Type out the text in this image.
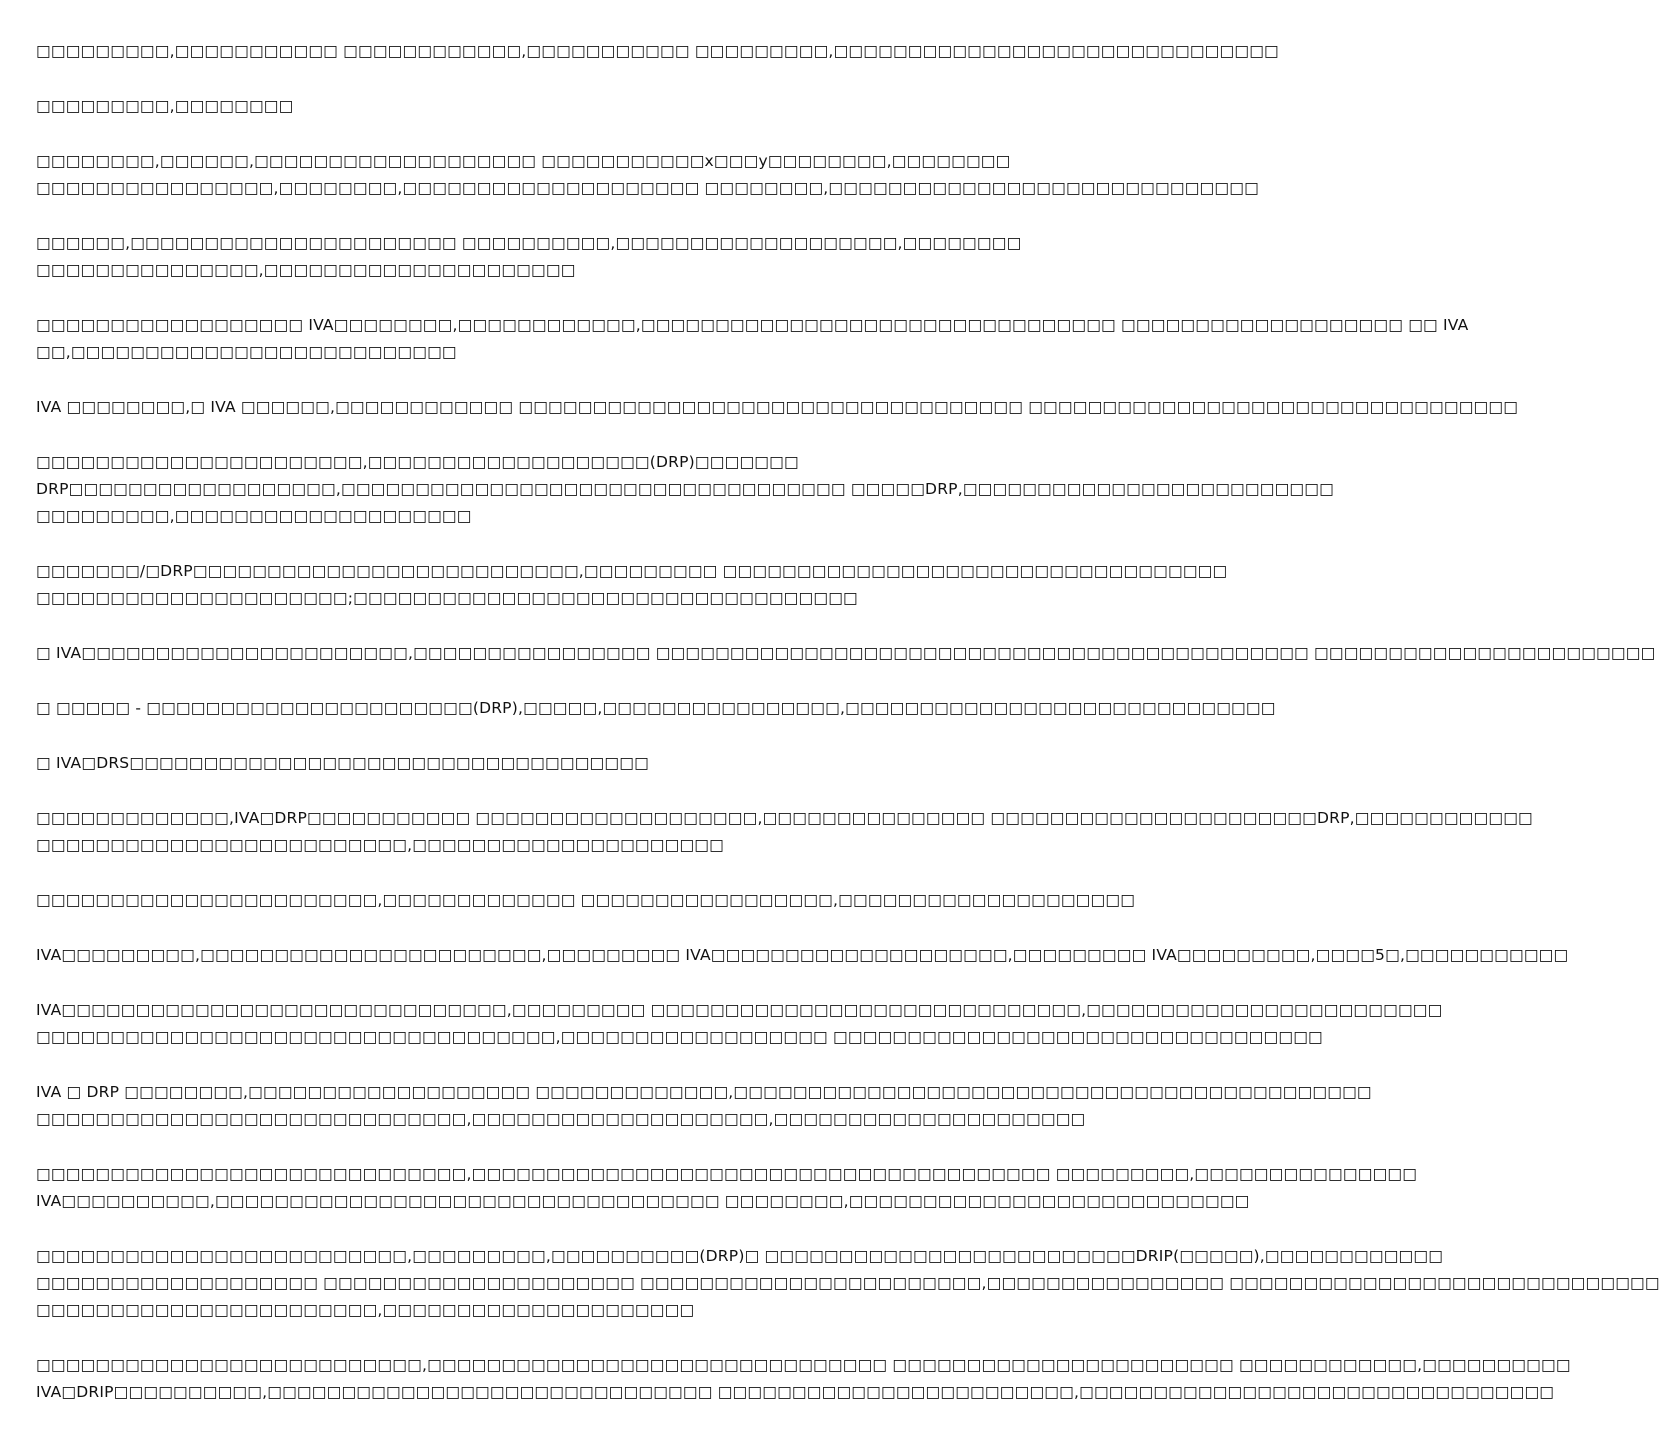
□□□□□□□□□,□□□□□□□□□□□ □□□□□□□□□□□□,□□□□□□□□□□□ □□□□□□□□□,□□□□□□□□□□□□□□□□□□□□□□□□□□□□□□
□□□□□□□□□,□□□□□□□□
□□□□□□□□,□□□□□□,□□□□□□□□□□□□□□□□□□□ □□□□□□□□□□□x□□□y□□□□□□□□,□□□□□□□□
□□□□□□□□□□□□□□□□,□□□□□□□□,□□□□□□□□□□□□□□□□□□□□ □□□□□□□□,□□□□□□□□□□□□□□□□□□□□□□□□□□□□□
□□□□□□,□□□□□□□□□□□□□□□□□□□□□□ □□□□□□□□□□,□□□□□□□□□□□□□□□□□□□,□□□□□□□□
□□□□□□□□□□□□□□□,□□□□□□□□□□□□□□□□□□□□□
□□□□□□□□□□□□□□□□□□ IVA□□□□□□□□,□□□□□□□□□□□□,□□□□□□□□□□□□□□□□□□□□□□□□□□□□□□□□ □□□□□□□□□□□□□□□□□□□ □□ IVA
□□,□□□□□□□□□□□□□□□□□□□□□□□□□□
IVA □□□□□□□□,□ IVA □□□□□□,□□□□□□□□□□□□ □□□□□□□□□□□□□□□□□□□□□□□□□□□□□□□□□□ □□□□□□□□□□□□□□□□□□□□□□□□□□□□□□□□□
□□□□□□□□□□□□□□□□□□□□□□,□□□□□□□□□□□□□□□□□□□(DRP)□□□□□□□
DRP□□□□□□□□□□□□□□□□□□,□□□□□□□□□□□□□□□□□□□□□□□□□□□□□□□□□□ □□□□□DRP,□□□□□□□□□□□□□□□□□□□□□□□□□
□□□□□□□□□,□□□□□□□□□□□□□□□□□□□□
□□□□□□□/□DRP□□□□□□□□□□□□□□□□□□□□□□□□□□,□□□□□□□□□ □□□□□□□□□□□□□□□□□□□□□□□□□□□□□□□□□□
□□□□□□□□□□□□□□□□□□□□□;□□□□□□□□□□□□□□□□□□□□□□□□□□□□□□□□□□
□ IVA□□□□□□□□□□□□□□□□□□□□□□,□□□□□□□□□□□□□□□□ □□□□□□□□□□□□□□□□□□□□□□□□□□□□□□□□□□□□□□□□□□□□ □□□□□□□□□□□□□□□□□□□□□□□
□ □□□□□ - □□□□□□□□□□□□□□□□□□□□□□(DRP),□□□□□,□□□□□□□□□□□□□□□□,□□□□□□□□□□□□□□□□□□□□□□□□□□□□□
□ IVA□DRS□□□□□□□□□□□□□□□□□□□□□□□□□□□□□□□□□□□
□□□□□□□□□□□□□,IVA□DRP□□□□□□□□□□□ □□□□□□□□□□□□□□□□□□□,□□□□□□□□□□□□□□□ □□□□□□□□□□□□□□□□□□□□□□DRP,□□□□□□□□□□□□
□□□□□□□□□□□□□□□□□□□□□□□□□,□□□□□□□□□□□□□□□□□□□□□
□□□□□□□□□□□□□□□□□□□□□□□,□□□□□□□□□□□□□ □□□□□□□□□□□□□□□□□,□□□□□□□□□□□□□□□□□□□□
IVA□□□□□□□□□,□□□□□□□□□□□□□□□□□□□□□□□,□□□□□□□□□ IVA□□□□□□□□□□□□□□□□□□□□,□□□□□□□□□ IVA□□□□□□□□□,□□□□5□,□□□□□□□□□□□
IVA□□□□□□□□□□□□□□□□□□□□□□□□□□□□□□,□□□□□□□□□ □□□□□□□□□□□□□□□□□□□□□□□□□□□□□,□□□□□□□□□□□□□□□□□□□□□□□□
□□□□□□□□□□□□□□□□□□□□□□□□□□□□□□□□□□□,□□□□□□□□□□□□□□□□□□ □□□□□□□□□□□□□□□□□□□□□□□□□□□□□□□□□
IVA □ DRP □□□□□□□□,□□□□□□□□□□□□□□□□□□□ □□□□□□□□□□□□□,□□□□□□□□□□□□□□□□□□□□□□□□□□□□□□□□□□□□□□□□□□□
□□□□□□□□□□□□□□□□□□□□□□□□□□□□□,□□□□□□□□□□□□□□□□□□□□,□□□□□□□□□□□□□□□□□□□□□
□□□□□□□□□□□□□□□□□□□□□□□□□□□□□,□□□□□□□□□□□□□□□□□□□□□□□□□□□□□□□□□□□□□□□ □□□□□□□□□,□□□□□□□□□□□□□□□
IVA□□□□□□□□□□,□□□□□□□□□□□□□□□□□□□□□□□□□□□□□□□□□□ □□□□□□□□,□□□□□□□□□□□□□□□□□□□□□□□□□□□
□□□□□□□□□□□□□□□□□□□□□□□□□,□□□□□□□□□,□□□□□□□□□□(DRP)□ □□□□□□□□□□□□□□□□□□□□□□□□□DRIP(□□□□□),□□□□□□□□□□□□
□□□□□□□□□□□□□□□□□□□ □□□□□□□□□□□□□□□□□□□□□ □□□□□□□□□□□□□□□□□□□□□□□,□□□□□□□□□□□□□□□□ □□□□□□□□□□□□□□□□□□□□□□□□□□□□□
□□□□□□□□□□□□□□□□□□□□□□□,□□□□□□□□□□□□□□□□□□□□□
□□□□□□□□□□□□□□□□□□□□□□□□□□,□□□□□□□□□□□□□□□□□□□□□□□□□□□□□□□ □□□□□□□□□□□□□□□□□□□□□□□ □□□□□□□□□□□□,□□□□□□□□□□
IVA□DRIP□□□□□□□□□□,□□□□□□□□□□□□□□□□□□□□□□□□□□□□□□ □□□□□□□□□□□□□□□□□□□□□□□□,□□□□□□□□□□□□□□□□□□□□□□□□□□□□□□□□
